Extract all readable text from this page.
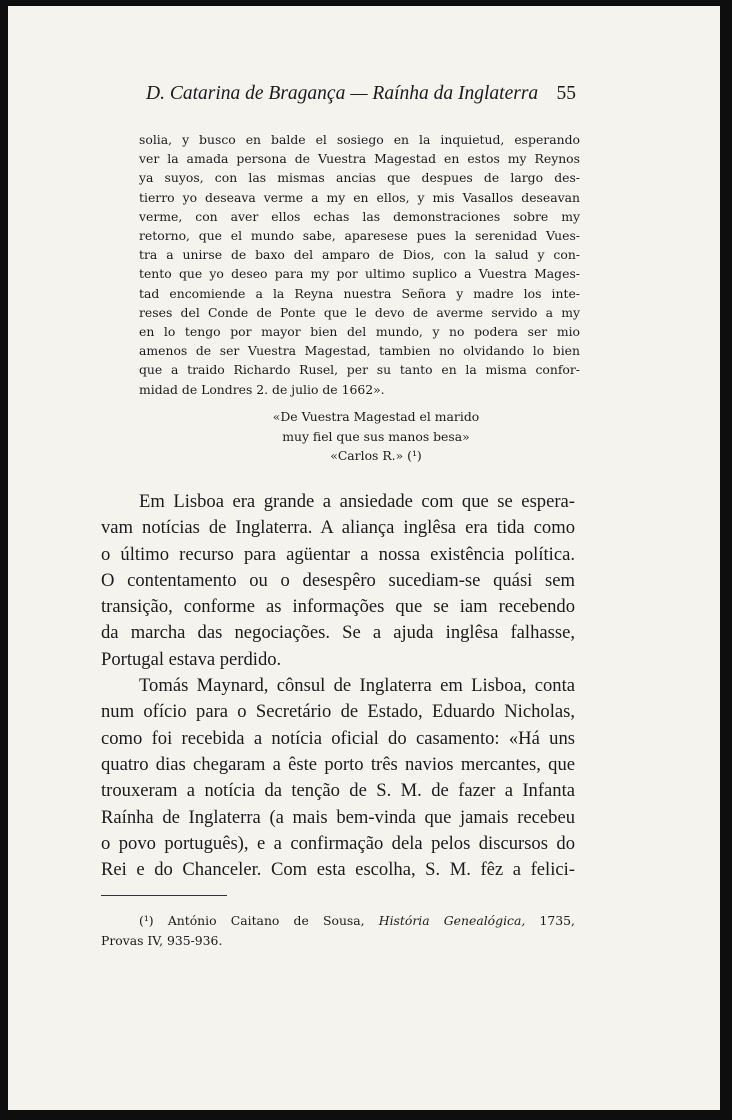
D. Catarina de Bragança — Raínha da Inglaterra 55
solia, y busco en balde el sosiego en la inquietud, esperando
ver la amada persona de Vuestra Magestad en estos my Reynos
ya suyos, con las mismas ancias que despues de largo des-
tierro yo deseava verme a my en ellos, y mis Vasallos deseavan
verme, con aver ellos echas las demonstraciones sobre my
retorno, que el mundo sabe, aparesese pues la serenidad Vues-
tra a unirse de baxo del amparo de Dios, con la salud y con-
tento que yo deseo para my por ultimo suplico a Vuestra Mages-
tad encomiende a la Reyna nuestra Señora y madre los inte-
reses del Conde de Ponte que le devo de averme servido a my
en lo tengo por mayor bien del mundo, y no podera ser mio
amenos de ser Vuestra Magestad, tambien no olvidando lo bien
que a traido Richardo Rusel, per su tanto en la misma confor-
midad de Londres 2. de julio de 1662».
«De Vuestra Magestad el marido
muy fiel que sus manos besa»
«Carlos R.» (¹)
Em Lisboa era grande a ansiedade com que se espera-
vam notícias de Inglaterra. A aliança inglêsa era tida como
o último recurso para agüentar a nossa existência política.
O contentamento ou o desespêro sucediam-se quási sem
transição, conforme as informações que se iam recebendo
da marcha das negociações. Se a ajuda inglêsa falhasse,
Portugal estava perdido.
Tomás Maynard, cônsul de Inglaterra em Lisboa, conta
num ofício para o Secretário de Estado, Eduardo Nicholas,
como foi recebida a notícia oficial do casamento: «Há uns
quatro dias chegaram a êste porto três navios mercantes, que
trouxeram a notícia da tenção de S. M. de fazer a Infanta
Raínha de Inglaterra (a mais bem-vinda que jamais recebeu
o povo português), e a confirmação dela pelos discursos do
Rei e do Chanceler. Com esta escolha, S. M. fêz a felici-
(¹) António Caitano de Sousa, História Genealógica, 1735,
Provas IV, 935-936.
